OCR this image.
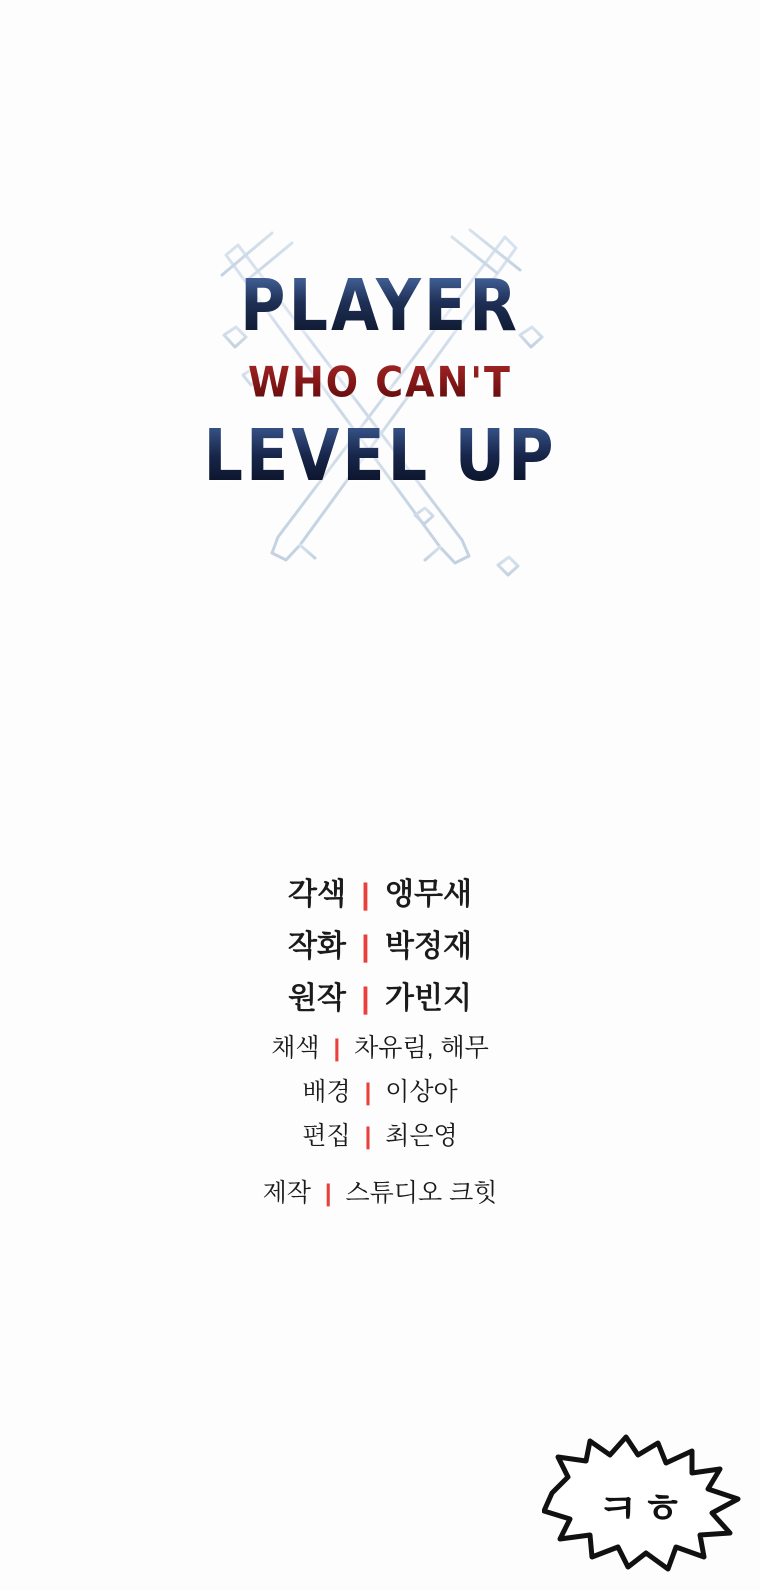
PLAYER
WHO CAN'T
LEVEL UP
각색 | 앵무새
작화 | 박정재
원작 | 가빈지
채색 | 차유림, 해무
배경 | 이상아
편집 | 최은영
제작 | 스튜디오 크힛
ㅋㅎ
